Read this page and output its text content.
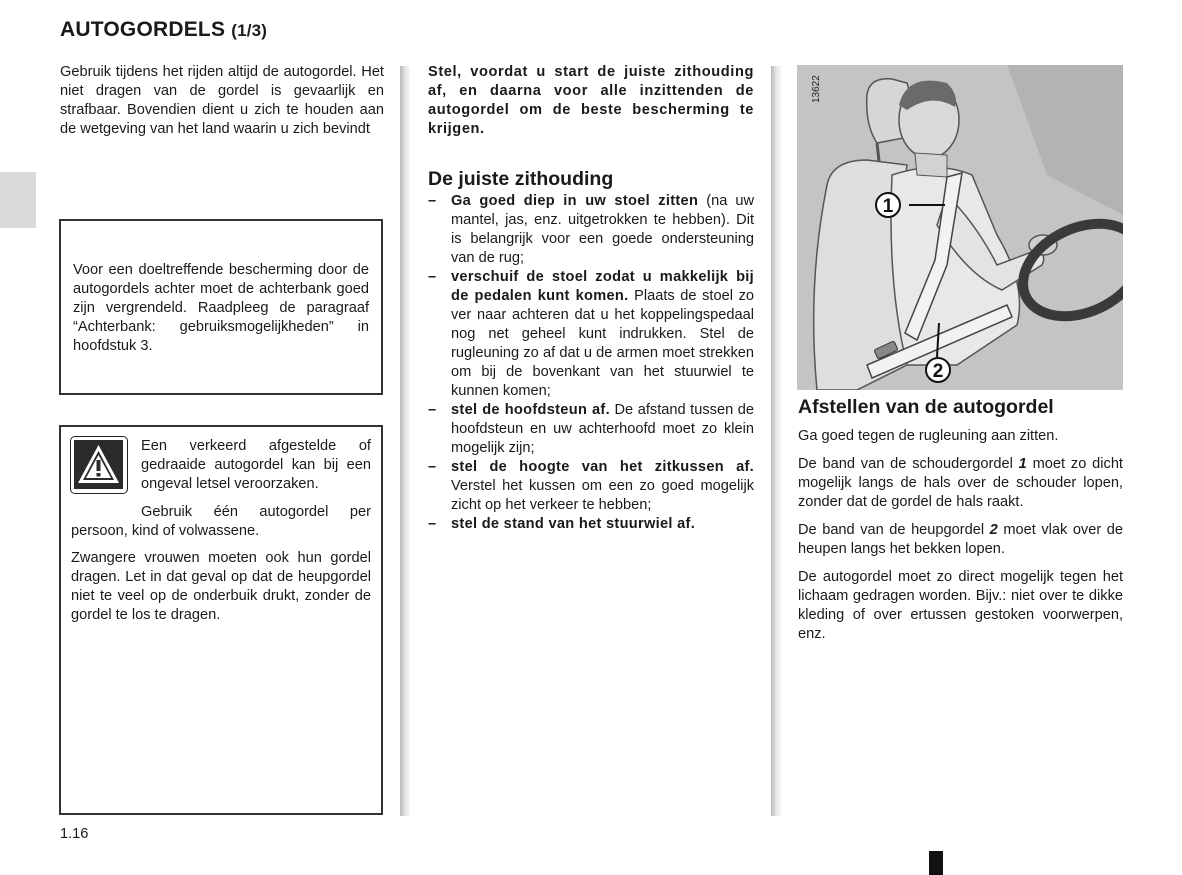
AUTOGORDELS (1/3)
Gebruik tijdens het rijden altijd de autogordel. Het niet dragen van de gordel is gevaarlijk en strafbaar. Bovendien dient u zich te houden aan de wetgeving van het land waarin u zich bevindt

Voor een doeltreffende bescherming door de autogordels achter moet de achterbank goed zijn vergrendeld. Raadpleeg de paragraaf “Achterbank: gebruiksmogelijkheden” in hoofdstuk 3.

Een verkeerd afgestelde of gedraaide autogordel kan bij een ongeval letsel veroorzaken.
Gebruik één autogordel per persoon, kind of volwassene.
Zwangere vrouwen moeten ook hun gordel dragen. Let in dat geval op dat de heupgordel niet te veel op de onderbuik drukt, zonder de gordel te los te dragen.
Stel, voordat u start de juiste zithouding af, en daarna voor alle inzittenden de autogordel om de beste bescherming te krijgen.
De juiste zithouding
– Ga goed diep in uw stoel zitten (na uw mantel, jas, enz. uitgetrokken te hebben). Dit is belangrijk voor een goede ondersteuning van de rug;
– verschuif de stoel zodat u makkelijk bij de pedalen kunt komen. Plaats de stoel zo ver naar achteren dat u het koppelingspedaal nog net geheel kunt indrukken. Stel de rugleuning zo af dat u de armen moet strekken om bij de bovenkant van het stuurwiel te kunnen komen;
– stel de hoofdsteun af. De afstand tussen de hoofdsteun en uw achterhoofd moet zo klein mogelijk zijn;
– stel de hoogte van het zitkussen af. Verstel het kussen om een zo goed mogelijk zicht op het verkeer te hebben;
– stel de stand van het stuurwiel af.
1
2
13622
Afstellen van de autogordel

Ga goed tegen de rugleuning aan zitten.

De band van de schoudergordel 1 moet zo dicht mogelijk langs de hals over de schouder lopen, zonder dat de gordel de hals raakt.

De band van de heupgordel 2 moet vlak over de heupen langs het bekken lopen.

De autogordel moet zo direct mogelijk tegen het lichaam gedragen worden. Bijv.: niet over te dikke kleding of over ertussen gestoken voorwerpen, enz.

1.16
